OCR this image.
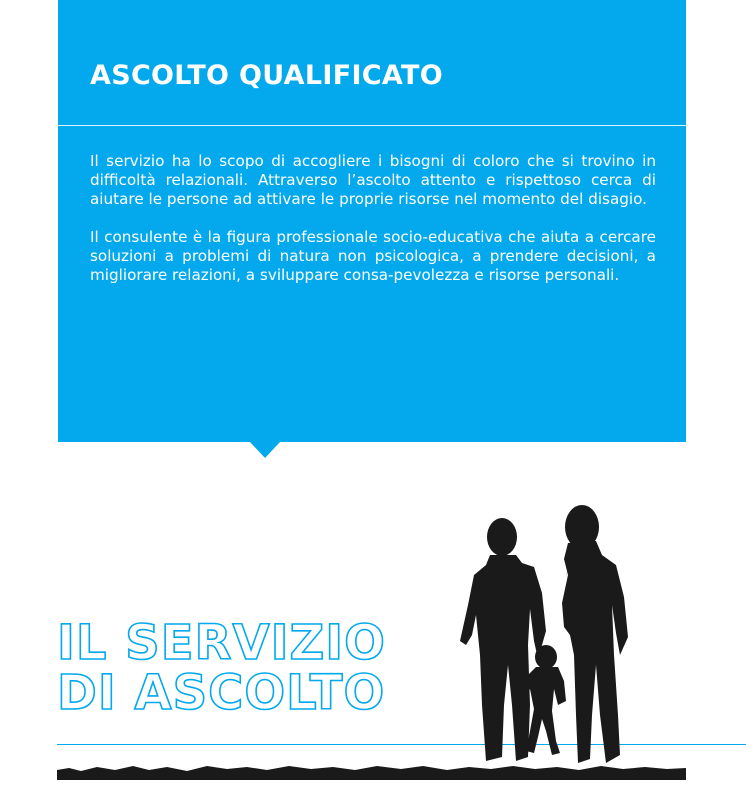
ASCOLTO QUALIFICATO

Il servizio ha lo scopo di accogliere i bisogni di coloro che si trovino in difficoltà relazionali. Attraverso l’ascolto attento e rispettoso cerca di aiutare le persone ad attivare le proprie risorse nel momento del disagio.

Il consulente è la figura professionale socio-educativa che aiuta a cercare soluzioni a problemi di natura non psicologica, a prendere decisioni, a migliorare relazioni, a sviluppare consa-pevolezza e risorse personali.

IL SERVIZIO
DI ASCOLTO
